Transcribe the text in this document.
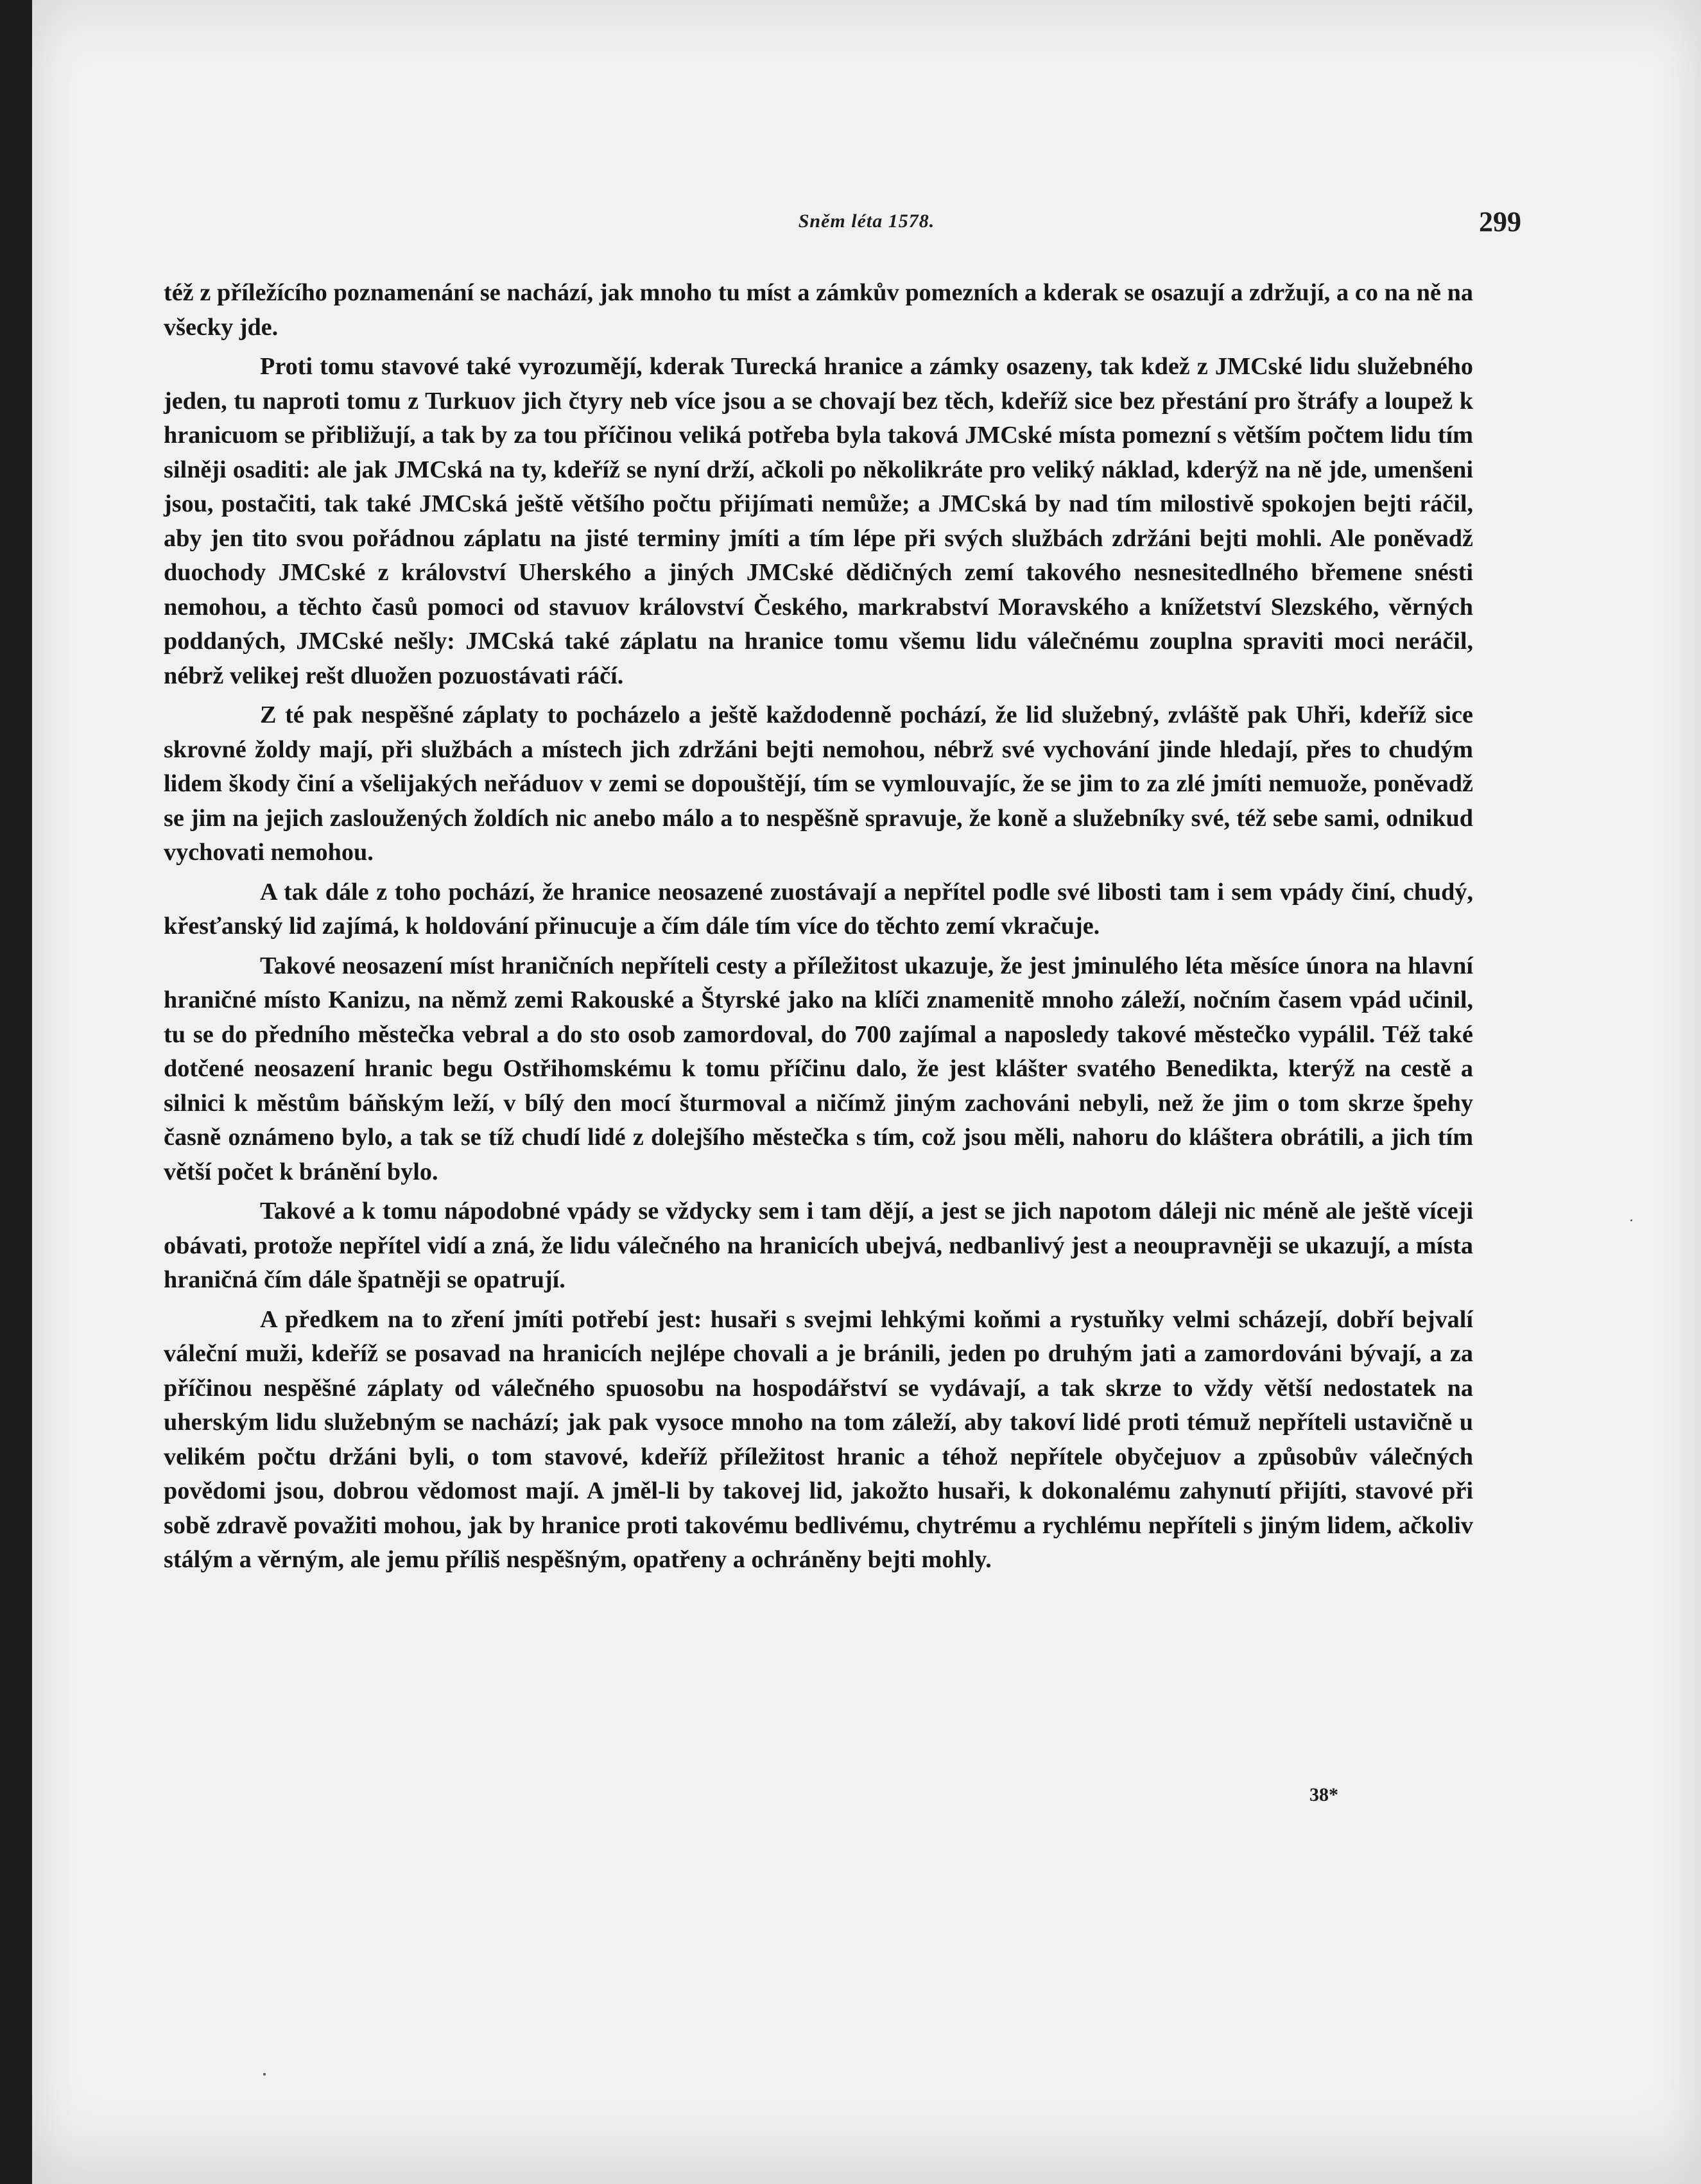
Sněm léta 1578.	299

též z příležícího poznamenání se nachází, jak mnoho tu míst a zámkův pomezních a kderak se osazují a zdržují, a co na ně na všecky jde.

Proti tomu stavové také vyrozumějí, kderak Turecká hranice a zámky osazeny, tak kdež z JMCské lidu služebného jeden, tu naproti tomu z Turkuov jich čtyry neb více jsou a se chovají bez těch, kdeříž sice bez přestání pro štráfy a loupež k hranicuom se přibližují, a tak by za tou příčinou veliká potřeba byla taková JMCské místa pomezní s větším počtem lidu tím silněji osaditi: ale jak JMCská na ty, kdeříž se nyní drží, ačkoli po několikráte pro veliký náklad, kderýž na ně jde, umenšeni jsou, postačiti, tak také JMCská ještě většího počtu přijímati nemůže; a JMCská by nad tím milostivě spokojen bejti ráčil, aby jen tito svou pořádnou záplatu na jisté terminy jmíti a tím lépe při svých službách zdržáni bejti mohli. Ale poněvadž duochody JMCské z království Uherského a jiných JMCské dědičných zemí takového nesnesitedlného břemene snésti nemohou, a těchto časů pomoci od stavuov království Českého, markrabství Moravského a knížetství Slezského, věrných poddaných, JMCské nešly: JMCská také záplatu na hranice tomu všemu lidu válečnému zouplna spraviti moci neráčil, nébrž velikej rešt dluožen pozuostávati ráčí.

Z té pak nespěšné záplaty to pocházelo a ještě každodenně pochází, že lid služebný, zvláště pak Uhři, kdeříž sice skrovné žoldy mají, při službách a místech jich zdržáni bejti nemohou, nébrž své vychování jinde hledají, přes to chudým lidem škody činí a všelijakých neřáduov v zemi se dopouštějí, tím se vymlouvajíc, že se jim to za zlé jmíti nemuože, poněvadž se jim na jejich zasloužených žoldích nic anebo málo a to nespěšně spravuje, že koně a služebníky své, též sebe sami, odnikud vychovati nemohou.

A tak dále z toho pochází, že hranice neosazené zuostávají a nepřítel podle své libosti tam i sem vpády činí, chudý, křesťanský lid zajímá, k holdování přinucuje a čím dále tím více do těchto zemí vkračuje.

Takové neosazení míst hraničních nepříteli cesty a příležitost ukazuje, že jest jminulého léta měsíce února na hlavní hraničné místo Kanizu, na němž zemi Rakouské a Štyrské jako na klíči znamenitě mnoho záleží, nočním časem vpád učinil, tu se do předního městečka vebral a do sto osob zamordoval, do 700 zajímal a naposledy takové městečko vypálil. Též také dotčené neosazení hranic begu Ostřihomskému k tomu příčinu dalo, že jest klášter svatého Benedikta, kterýž na cestě a silnici k městům báňským leží, v bílý den mocí šturmoval a ničímž jiným zachováni nebyli, než že jim o tom skrze špehy časně oznámeno bylo, a tak se tíž chudí lidé z dolejšího městečka s tím, což jsou měli, nahoru do kláštera obrátili, a jich tím větší počet k bránění bylo.

Takové a k tomu nápodobné vpády se vždycky sem i tam dějí, a jest se jich napotom dáleji nic méně ale ještě víceji obávati, protože nepřítel vidí a zná, že lidu válečného na hranicích ubejvá, nedbanlivý jest a neoupravněji se ukazují, a místa hraničná čím dále špatněji se opatrují.

A předkem na to zření jmíti potřebí jest: husaři s svejmi lehkými koňmi a rystuňky velmi scházejí, dobří bejvalí váleční muži, kdeříž se posavad na hranicích nejlépe chovali a je bránili, jeden po druhým jati a zamordováni bývají, a za příčinou nespěšné záplaty od válečného spuosobu na hospodářství se vydávají, a tak skrze to vždy větší nedostatek na uherským lidu služebným se nachází; jak pak vysoce mnoho na tom záleží, aby takoví lidé proti témuž nepříteli ustavičně u velikém počtu držáni byli, o tom stavové, kdeříž příležitost hranic a téhož nepřítele obyčejuov a způsobův válečných povědomi jsou, dobrou vědomost mají. A jměl-li by takovej lid, jakožto husaři, k dokonalému zahynutí přijíti, stavové při sobě zdravě považiti mohou, jak by hranice proti takovému bedlivému, chytrému a rychlému nepříteli s jiným lidem, ačkoliv stálým a věrným, ale jemu příliš nespěšným, opatřeny a ochráněny bejti mohly.

38*
